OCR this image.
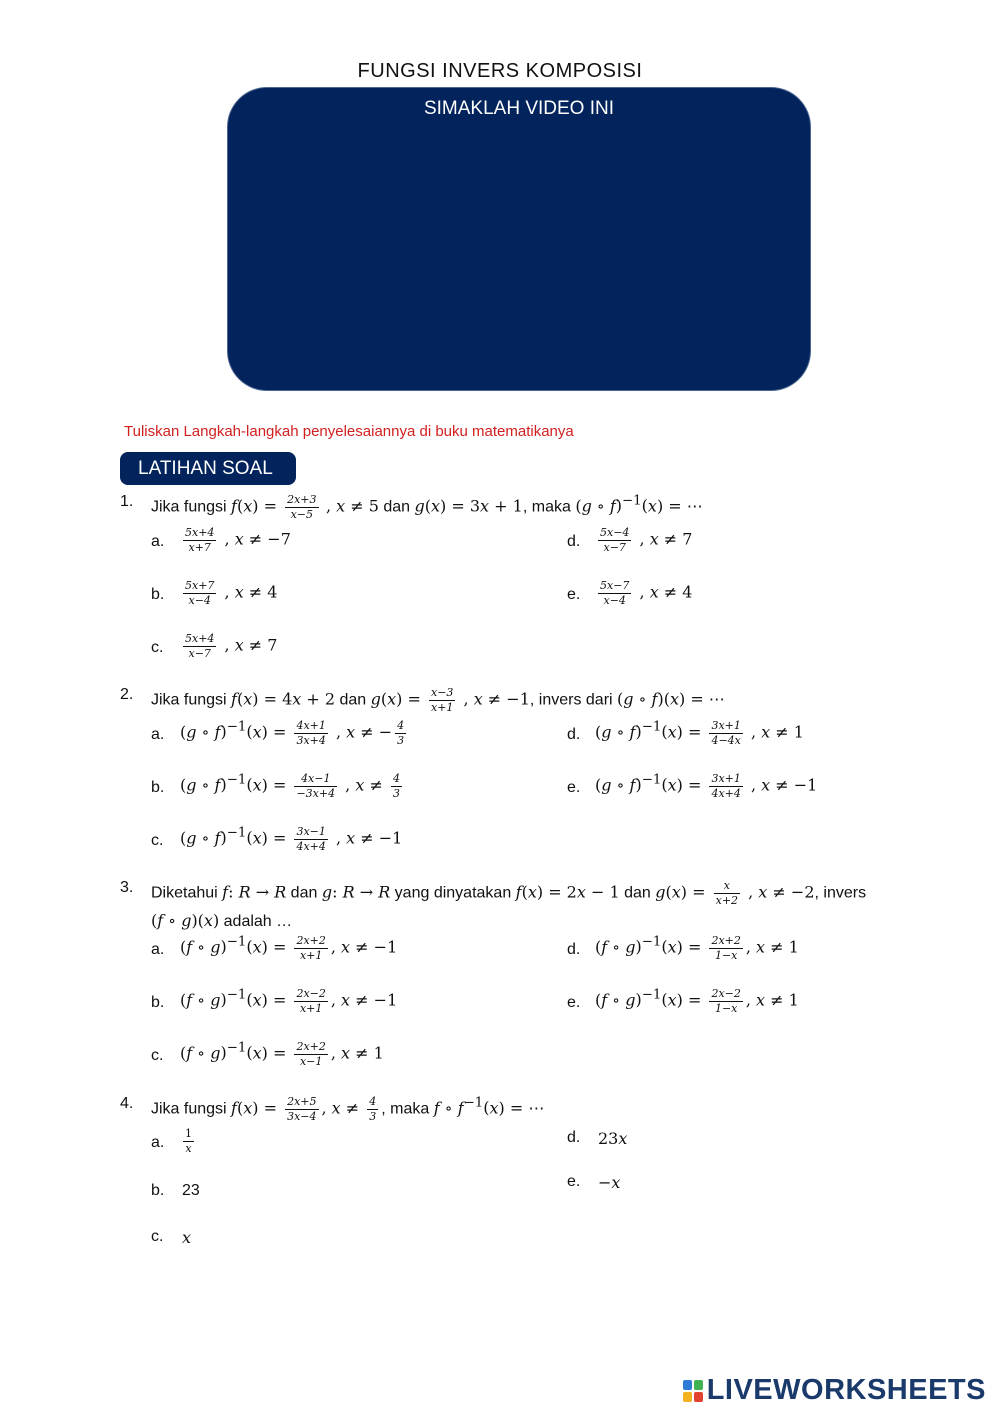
FUNGSI INVERS KOMPOSISI
SIMAKLAH VIDEO INI
Tuliskan Langkah-langkah penyelesaiannya di buku matematikanya
LATIHAN SOAL
1. Jika fungsi $f(x) = \frac{2x+3}{x-5}$ , x ≠ 5 dan g(x) = 3x + 1, maka (g ∘ f)$^{-1}$(x) = ⋯
a. $\frac{5x+4}{x+7}$ , x ≠ −7
b. $\frac{5x+7}{x-4}$ , x ≠ 4
c. $\frac{5x+4}{x-7}$ , x ≠ 7
d. $\frac{5x-4}{x-7}$ , x ≠ 7
e. $\frac{5x-7}{x-4}$ , x ≠ 4
2. Jika fungsi f(x) = 4x + 2 dan $g(x) = \frac{x-3}{x+1}$ , x ≠ −1, invers dari (g ∘ f)(x) = ⋯
a. (g ∘ $f)^{-1}(x) = \frac{4x+1}{3x+4}$ , x ≠ − $\frac{4}{3}$
b. (g ∘ $f)^{-1}(x) = \frac{4x-1}{-3x+4}$ , $x \ne \frac{4}{3}$
c. (g ∘ $f)^{-1}(x) = \frac{3x-1}{4x+4}$ , x ≠ −1
d. (g ∘ $f)^{-1}(x) = \frac{3x+1}{4-4x}$ , x ≠ 1
e. (g ∘ $f)^{-1}(x) = \frac{3x+1}{4x+4}$ , x ≠ −1
3. Diketahui f: R → R dan g: R → R yang dinyatakan f(x) = 2x − 1 dan $g(x) = \frac{x}{x+2}$ , x ≠ −2, invers
(f ∘ g)(x) adalah …
a. (f ∘ $g)^{-1}(x) = \frac{2x+2}{x+1}$ , x ≠ −1
b. (f ∘ $g)^{-1}(x) = \frac{2x-2}{x+1}$ , x ≠ −1
c. (f ∘ $g)^{-1}(x) = \frac{2x+2}{x-1}$ , x ≠ 1
d. (f ∘ $g)^{-1}(x) = \frac{2x+2}{1-x}$ , x ≠ 1
e. (f ∘ $g)^{-1}(x) = \frac{2x-2}{1-x}$ , x ≠ 1
4. Jika fungsi $f(x) = \frac{2x+5}{3x-4}$ , $x \ne \frac{4}{3}$ , maka f ∘ $f^{-1}(x)$ = ⋯
a. $\frac{1}{x}$
b. 23
c. x
d. 23x
e. −x
LIVEWORKSHEETS
